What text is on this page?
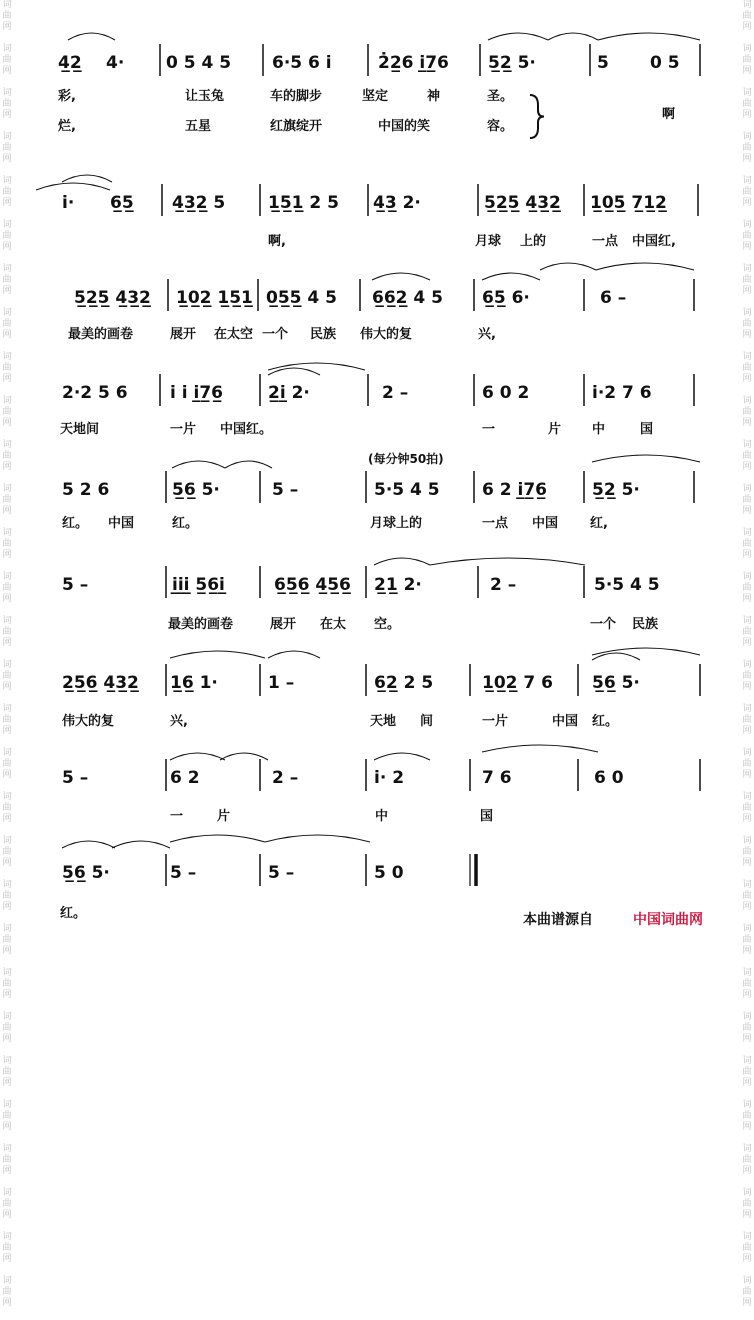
词曲网

词曲网

词曲网

词曲网

词曲网

词曲网

词曲网

词曲网

词曲网

词曲网

词曲网

词曲网

词曲网

词曲网

词曲网

词曲网

词曲网

词曲网

词曲网

词曲网

词曲网

词曲网

词曲网

词曲网

词曲网

词曲网

词曲网

词曲网

词曲网

词曲网

词曲网

词曲网

词曲网

词曲网

词曲网

词曲网

词曲网

词曲网

词曲网

词曲网

词曲网

词曲网

词曲网

词曲网

词曲网

词曲网

词曲网

词曲网

词曲网

词曲网

词曲网

词曲网

词曲网

词曲网

词曲网

词曲网

词曲网

词曲网

词曲网

词曲网

4̲2̲ 4· 0 5 4 5 6·5 6 i	2̇2̲6 i̲7̲6 5̲2̲ 5·	5 0 5
彩,	让玉兔	车的脚步	坚定	神	圣。
烂,	五星	红旗绽开	中国的笑	容。
啊
i· 6̲5̲ 4̲3̲2̲ 5	1̲5̲1̲ 2 5 4̲3̲ 2·	5̲2̲5̲ 4̲3̲2̲ 1̲0̲5̲ 7̲1̲2̲
啊,	月球 上的	一点 中国红,
5̲2̲5̲ 4̲3̲2̲ 1̲0̲2̲ 1̲5̲1̲ 0̲5̲5̲ 4 5 6̲6̲2̲ 4 5 6̲5̲ 6·	6 –
最美的画卷	展开 在太空 一个 民族 伟大的复	兴,
2·2 5 6 i i i̲7̲6̲	2̲i̲ 2·	2 –	6 0 2	i·2 7 6
天地间	一片 中国红。	一	片 中	国
5 2 6	5̲6̲ 5·	5 –	5·5 4 5 6 2 i̲7̲6̲	5̲2̲ 5·
(每分钟50拍)
红。 中国	红。	月球上的	一点 中国 红,
5 –	i̲i̲i̲ 5̲6̲i̲	6̲5̲6̲ 4̲5̲6̲ 2̲1̲ 2·	2 –	5·5 4 5
最美的画卷	展开 在太 空。	一个 民族
2̲5̲6̲ 4̲3̲2̲ 1̲6̲ 1·	1 –	6̲2̲ 2 5	1̲0̲2̲ 7 6 5̲6̲ 5·
伟大的复	兴,	天地 间	一片	中国 红。
5 –	6 2	2 –	i· 2	7 6	6 0
一	片	中	国
5̲6̲ 5·	5 –	5 –	5 0
红。	本曲谱源自	中国词曲网
